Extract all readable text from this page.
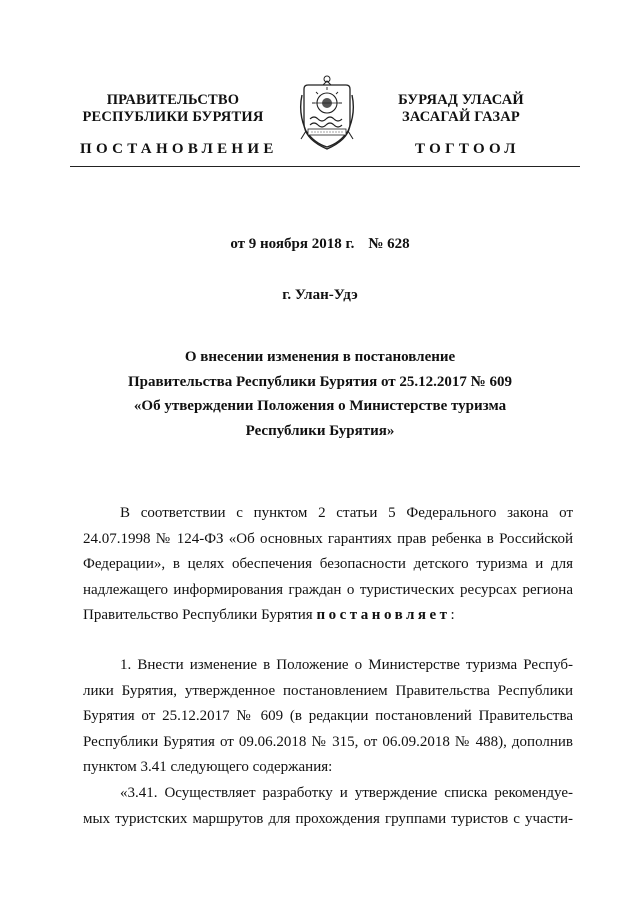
ПРАВИТЕЛЬСТВО
РЕСПУБЛИКИ БУРЯТИЯ
БУРЯАД УЛАСАЙ
ЗАСАГАЙ ГАЗАР
ПОСТАНОВЛЕНИЕ	ТОГТООЛ
от 9 ноября 2018 г. № 628
г. Улан-Удэ
О внесении изменения в постановление
Правительства Республики Бурятия от 25.12.2017 № 609
«Об утверждении Положения о Министерстве туризма
Республики Бурятия»
В соответствии с пунктом 2 статьи 5 Федерального закона от
24.07.1998 № 124-ФЗ «Об основных гарантиях прав ребенка в Российской
Федерации», в целях обеспечения безопасности детского туризма и для
надлежащего информирования граждан о туристических ресурсах региона
Правительство Республики Бурятия постановляет:
1. Внести изменение в Положение о Министерстве туризма Респуб-
лики Бурятия, утвержденное постановлением Правительства Республики
Бурятия от 25.12.2017 № 609 (в редакции постановлений Правительства
Республики Бурятия от 09.06.2018 № 315, от 06.09.2018 № 488), дополнив
пунктом 3.41 следующего содержания:
«3.41. Осуществляет разработку и утверждение списка рекомендуе-
мых туристских маршрутов для прохождения группами туристов с участи-
